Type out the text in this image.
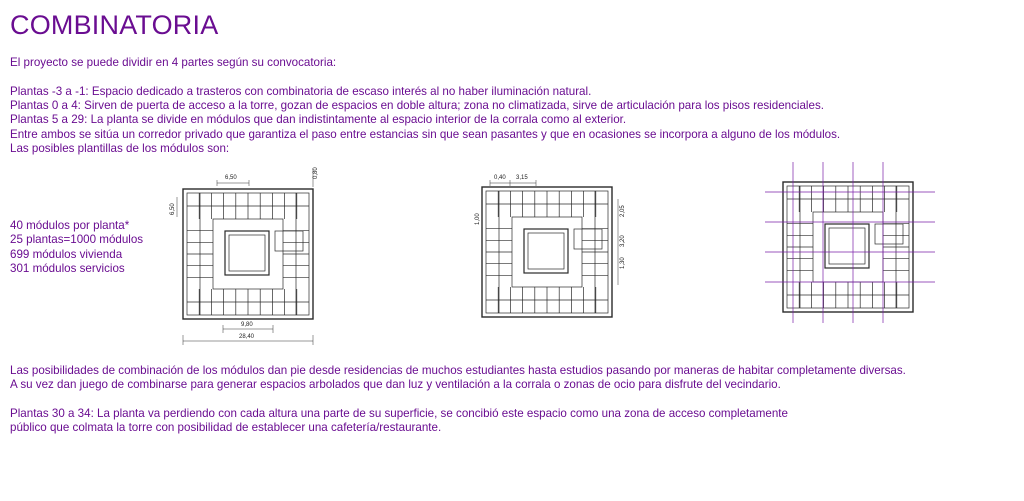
COMBINATORIA
El proyecto se puede dividir en 4 partes según su convocatoria:
Plantas -3 a -1: Espacio dedicado a trasteros con combinatoria de escaso interés al no haber iluminación natural.
Plantas 0 a 4: Sirven de puerta de acceso a la torre, gozan de espacios en doble altura; zona no climatizada, sirve de articulación para los pisos residenciales.
Plantas 5 a 29: La planta se divide en módulos que dan indistintamente al espacio interior de la corrala como al exterior.
Entre ambos se sitúa un corredor privado que garantiza el paso entre estancias sin que sean pasantes y que en ocasiones se incorpora a alguno de los módulos.
Las posibles plantillas de los módulos son:
40 módulos por planta*
25 plantas=1000 módulos
699 módulos vivienda
301 módulos servicios
6,50	0,80
6,50
9,80
28,40
0,40 3,15
1,00
2,05
3,20
1,30
Las posibilidades de combinación de los módulos dan pie desde residencias de muchos estudiantes hasta estudios pasando por maneras de habitar completamente diversas.
A su vez dan juego de combinarse para generar espacios arbolados que dan luz y ventilación a la corrala o zonas de ocio para disfrute del vecindario.
Plantas 30 a 34: La planta va perdiendo con cada altura una parte de su superficie, se concibió este espacio como una zona de acceso completamente
público que colmata la torre con posibilidad de establecer una cafetería/restaurante.
